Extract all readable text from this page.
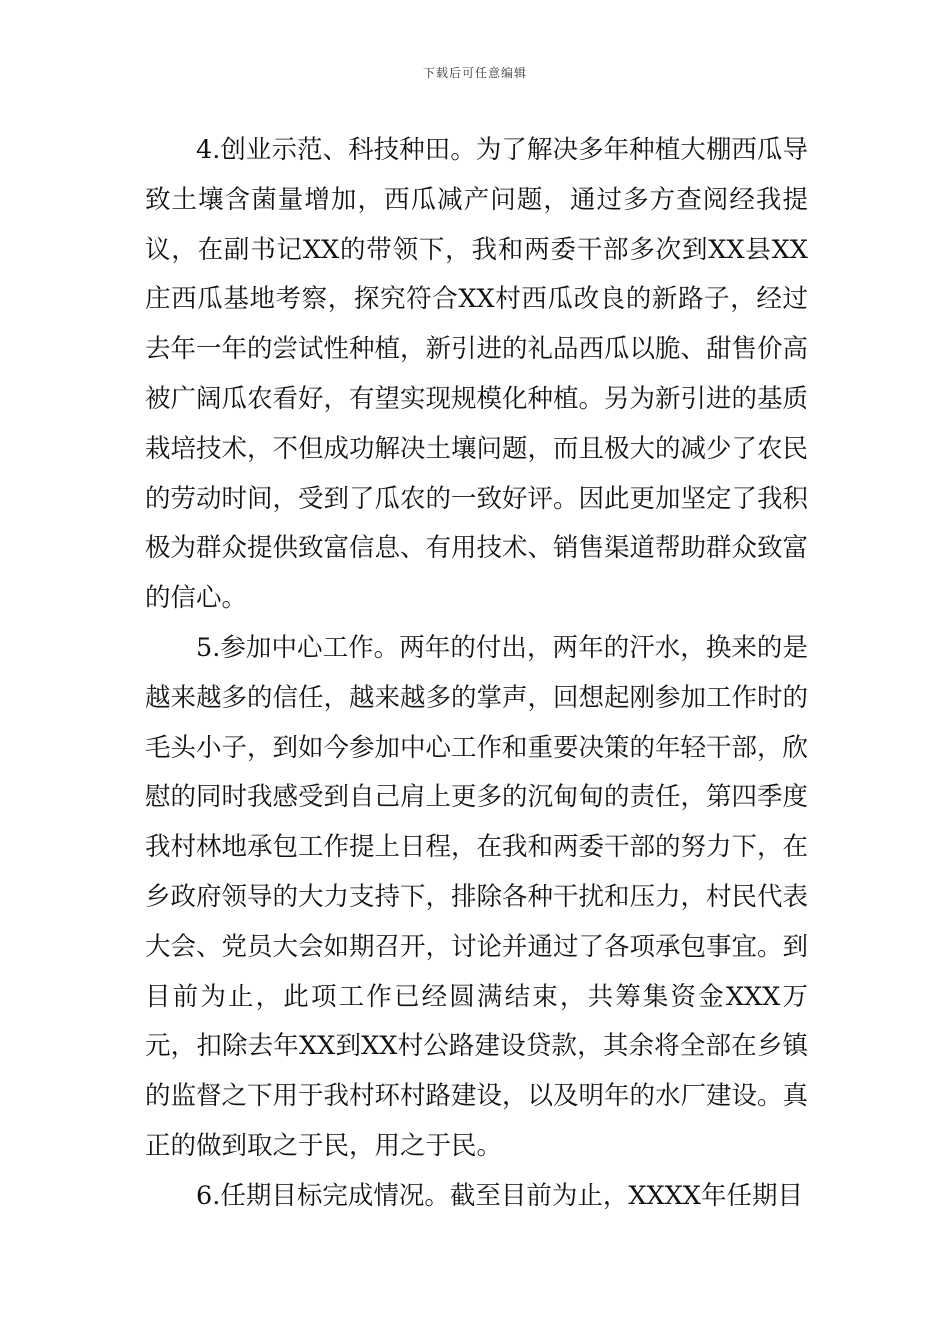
下载后可任意编辑

4.创业示范、科技种田。为了解决多年种植大棚西瓜导致土壤含菌量增加，西瓜减产问题，通过多方查阅经我提议，在副书记XX的带领下，我和两委干部多次到XX县XX庄西瓜基地考察，探究符合XX村西瓜改良的新路子，经过去年一年的尝试性种植，新引进的礼品西瓜以脆、甜售价高被广阔瓜农看好，有望实现规模化种植。另为新引进的基质栽培技术，不但成功解决土壤问题，而且极大的减少了农民的劳动时间，受到了瓜农的一致好评。因此更加坚定了我积极为群众提供致富信息、有用技术、销售渠道帮助群众致富的信心。

5.参加中心工作。两年的付出，两年的汗水，换来的是越来越多的信任，越来越多的掌声，回想起刚参加工作时的毛头小子，到如今参加中心工作和重要决策的年轻干部，欣慰的同时我感受到自己肩上更多的沉甸甸的责任，第四季度我村林地承包工作提上日程，在我和两委干部的努力下，在乡政府领导的大力支持下，排除各种干扰和压力，村民代表大会、党员大会如期召开，讨论并通过了各项承包事宜。到目前为止，此项工作已经圆满结束，共筹集资金XXX万元，扣除去年XX到XX村公路建设贷款，其余将全部在乡镇的监督之下用于我村环村路建设，以及明年的水厂建设。真正的做到取之于民，用之于民。

6.任期目标完成情况。截至目前为止，XXXX年任期目
